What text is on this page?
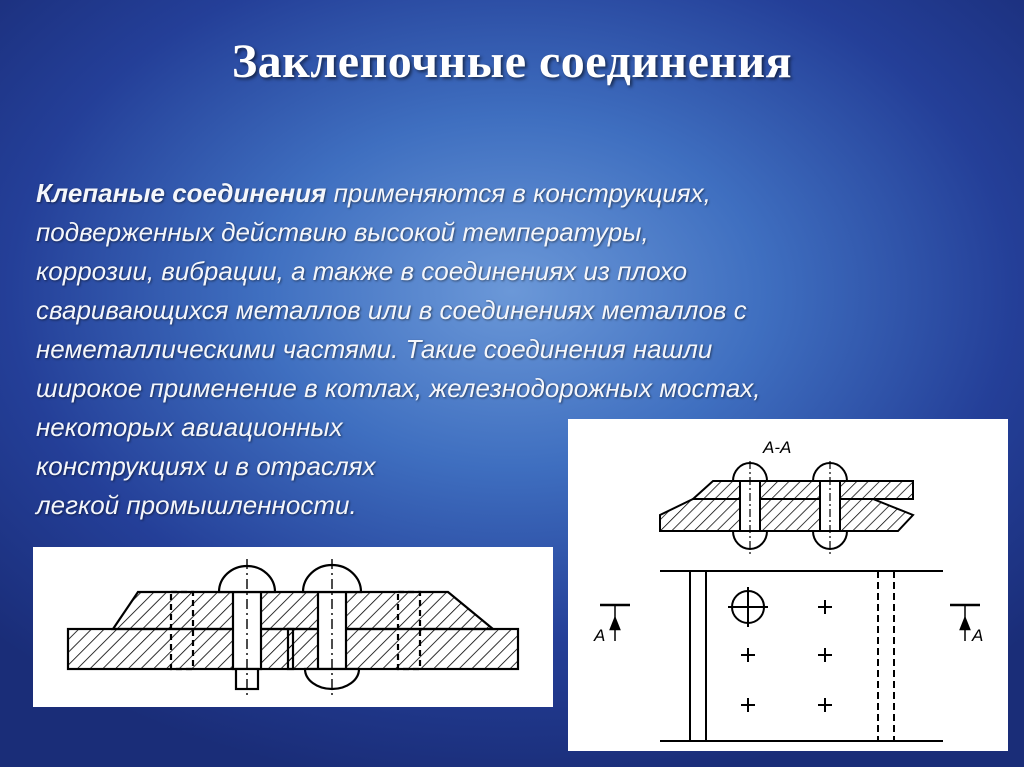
Заклепочные соединения
Клепаные соединения применяются в конструкциях,
подверженных действию высокой температуры,
коррозии, вибрации, а также в соединениях из плохо
сваривающихся металлов или в соединениях металлов с
неметаллическими частями. Такие соединения нашли
широкое применение в котлах, железнодорожных мостах,
некоторых авиационных
конструкциях и в отраслях
легкой промышленности.
А-А
А	А
